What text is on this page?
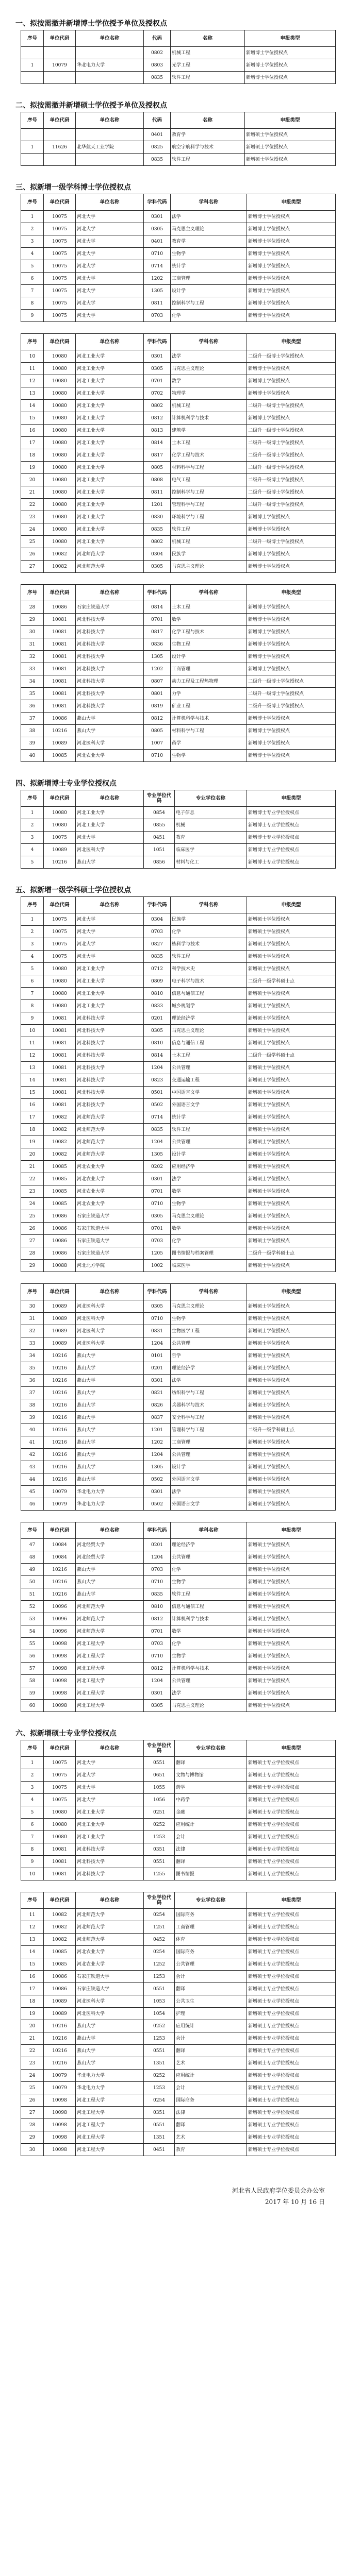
一、拟按需撤并新增博士学位授予单位及授权点
序号	单位代码	单位名称	代码	名称	申报类型
			0802	机械工程	新增博士学位授权点
1	10079	华北电力大学	0803	光学工程	新增博士学位授权点
			0835	软件工程	新增博士学位授权点
二、拟按需撤并新增硕士学位授予单位及授权点
序号	单位代码	单位名称	代码	名称	申报类型
			0401	教育学	新增硕士学位授权点
1	11626	北华航天工业学院	0825	航空宇航科学与技术	新增硕士学位授权点
			0835	软件工程	新增硕士学位授权点
三、拟新增一级学科博士学位授权点
序号	单位代码	单位名称	学科代码	学科名称	申报类型
1	10075	河北大学	0301	法学	新增博士学位授权点
2	10075	河北大学	0305	马克思主义理论	新增博士学位授权点
3	10075	河北大学	0401	教育学	新增博士学位授权点
4	10075	河北大学	0710	生物学	新增博士学位授权点
5	10075	河北大学	0714	统计学	新增博士学位授权点
6	10075	河北大学	1202	工商管理	新增博士学位授权点
7	10075	河北大学	1305	设计学	新增博士学位授权点
8	10075	河北大学	0811	控制科学与工程	新增博士学位授权点
9	10075	河北大学	0703	化学	新增博士学位授权点
序号	单位代码	单位名称	学科代码	学科名称	申报类型
10	10080	河北工业大学	0301	法学	二级升一级博士学位授权点
11	10080	河北工业大学	0305	马克思主义理论	新增博士学位授权点
12	10080	河北工业大学	0701	数学	新增博士学位授权点
13	10080	河北工业大学	0702	物理学	新增博士学位授权点
14	10080	河北工业大学	0802	机械工程	二级升一级博士学位授权点
15	10080	河北工业大学	0812	计算机科学与技术	新增博士学位授权点
16	10080	河北工业大学	0813	建筑学	二级升一级博士学位授权点
17	10080	河北工业大学	0814	土木工程	二级升一级博士学位授权点
18	10080	河北工业大学	0817	化学工程与技术	二级升一级博士学位授权点
19	10080	河北工业大学	0805	材料科学与工程	二级升一级博士学位授权点
20	10080	河北工业大学	0808	电气工程	二级升一级博士学位授权点
21	10080	河北工业大学	0811	控制科学与工程	二级升一级博士学位授权点
22	10080	河北工业大学	1201	管理科学与工程	二级升一级博士学位授权点
23	10080	河北工业大学	0830	环境科学与工程	新增博士学位授权点
24	10080	河北工业大学	0835	软件工程	新增博士学位授权点
25	10080	河北工业大学	0802	机械工程	二级升一级博士学位授权点
26	10082	河北师范大学	0304	民族学	新增博士学位授权点
27	10082	河北师范大学	0305	马克思主义理论	新增博士学位授权点
序号	单位代码	单位名称	学科代码	学科名称	申报类型
28	10086	石家庄铁道大学	0814	土木工程	新增博士学位授权点
29	10081	河北科技大学	0701	数学	新增博士学位授权点
30	10081	河北科技大学	0817	化学工程与技术	新增博士学位授权点
31	10081	河北科技大学	0836	生物工程	新增博士学位授权点
32	10081	河北科技大学	1305	设计学	新增博士学位授权点
33	10081	河北科技大学	1202	工商管理	新增博士学位授权点
34	10081	河北科技大学	0807	动力工程及工程热物理	二级升一级博士学位授权点
35	10081	河北科技大学	0801	力学	二级升一级博士学位授权点
36	10081	河北科技大学	0819	矿业工程	二级升一级博士学位授权点
37	10086	燕山大学	0812	计算机科学与技术	新增博士学位授权点
38	10216	燕山大学	0805	材料科学与工程	新增博士学位授权点
39	10089	河北医科大学	1007	药学	新增博士学位授权点
40	10085	河北农业大学	0710	生物学	新增博士学位授权点
四、拟新增博士专业学位授权点
序号	单位代码	单位名称	专业学位代码	专业学位名称	申报类型
1	10080	河北工业大学	0854	电子信息	新增博士专业学位授权点
2	10080	河北工业大学	0855	机械	新增博士专业学位授权点
3	10075	河北大学	0451	教育	新增博士专业学位授权点
4	10089	河北医科大学	1051	临床医学	新增博士专业学位授权点
5	10216	燕山大学	0856	材料与化工	新增博士专业学位授权点
五、拟新增一级学科硕士学位授权点
序号	单位代码	单位名称	学科代码	学科名称	申报类型
1	10075	河北大学	0304	民族学	新增硕士学位授权点
2	10075	河北大学	0703	化学	新增硕士学位授权点
3	10075	河北大学	0827	核科学与技术	新增硕士学位授权点
4	10075	河北大学	0835	软件工程	新增硕士学位授权点
5	10080	河北工业大学	0712	科学技术史	新增硕士学位授权点
6	10080	河北工业大学	0809	电子科学与技术	二级升一级学科硕士点
7	10080	河北工业大学	0810	信息与通信工程	新增硕士学位授权点
8	10080	河北工业大学	0833	城乡规划学	新增硕士学位授权点
9	10081	河北科技大学	0201	理论经济学	新增硕士学位授权点
10	10081	河北科技大学	0305	马克思主义理论	新增硕士学位授权点
11	10081	河北科技大学	0810	信息与通信工程	新增硕士学位授权点
12	10081	河北科技大学	0814	土木工程	二级升一级学科硕士点
13	10081	河北科技大学	1204	公共管理	新增硕士学位授权点
14	10081	河北科技大学	0823	交通运输工程	新增硕士学位授权点
15	10081	河北科技大学	0501	中国语言文学	新增硕士学位授权点
16	10081	河北科技大学	0502	外国语言文学	新增硕士学位授权点
17	10082	河北师范大学	0714	统计学	新增硕士学位授权点
18	10082	河北师范大学	0835	软件工程	新增硕士学位授权点
19	10082	河北师范大学	1204	公共管理	新增硕士学位授权点
20	10082	河北师范大学	1305	设计学	新增硕士学位授权点
21	10085	河北农业大学	0202	应用经济学	新增硕士学位授权点
22	10085	河北农业大学	0301	法学	新增硕士学位授权点
23	10085	河北农业大学	0701	数学	新增硕士学位授权点
24	10085	河北农业大学	0710	生物学	新增硕士学位授权点
25	10086	石家庄铁道大学	0305	马克思主义理论	新增硕士学位授权点
26	10086	石家庄铁道大学	0701	数学	新增硕士学位授权点
27	10086	石家庄铁道大学	0703	化学	新增硕士学位授权点
28	10086	石家庄铁道大学	1205	图书情报与档案管理	二级升一级学科硕士点
29	10088	河北北方学院	1002	临床医学	新增硕士学位授权点
序号	单位代码	单位名称	学科代码	学科名称	申报类型
30	10089	河北医科大学	0305	马克思主义理论	新增硕士学位授权点
31	10089	河北医科大学	0710	生物学	新增硕士学位授权点
32	10089	河北医科大学	0831	生物医学工程	新增硕士学位授权点
33	10089	河北医科大学	1204	公共管理	新增硕士学位授权点
34	10216	燕山大学	0101	哲学	新增硕士学位授权点
35	10216	燕山大学	0201	理论经济学	新增硕士学位授权点
36	10216	燕山大学	0301	法学	新增硕士学位授权点
37	10216	燕山大学	0821	纺织科学与工程	新增硕士学位授权点
38	10216	燕山大学	0826	兵器科学与技术	新增硕士学位授权点
39	10216	燕山大学	0837	安全科学与工程	新增硕士学位授权点
40	10216	燕山大学	1201	管理科学与工程	二级升一级学科硕士点
41	10216	燕山大学	1202	工商管理	新增硕士学位授权点
42	10216	燕山大学	1204	公共管理	新增硕士学位授权点
43	10216	燕山大学	1305	设计学	新增硕士学位授权点
44	10216	燕山大学	0502	外国语言文学	新增硕士学位授权点
45	10079	华北电力大学	0301	法学	新增硕士学位授权点
46	10079	华北电力大学	0502	外国语言文学	新增硕士学位授权点
序号	单位代码	单位名称	学科代码	学科名称	申报类型
47	10084	河北经贸大学	0201	理论经济学	新增硕士学位授权点
48	10084	河北经贸大学	1204	公共管理	新增硕士学位授权点
49	10216	燕山大学	0703	化学	新增硕士学位授权点
50	10216	燕山大学	0710	生物学	新增硕士学位授权点
51	10216	燕山大学	0835	软件工程	新增硕士学位授权点
52	10096	河北师范大学	0810	信息与通信工程	新增硕士学位授权点
53	10096	河北师范大学	0812	计算机科学与技术	新增硕士学位授权点
54	10096	河北师范大学	0701	数学	新增硕士学位授权点
55	10098	河北工程大学	0703	化学	新增硕士学位授权点
56	10098	河北工程大学	0710	生物学	新增硕士学位授权点
57	10098	河北工程大学	0812	计算机科学与技术	新增硕士学位授权点
58	10098	河北工程大学	1204	公共管理	新增硕士学位授权点
59	10098	河北工程大学	0301	法学	新增硕士学位授权点
60	10098	河北工程大学	0305	马克思主义理论	新增硕士学位授权点
六、拟新增硕士专业学位授权点
序号	单位代码	单位名称	专业学位代码	专业学位名称	申报类型
1	10075	河北大学	0551	翻译	新增硕士专业学位授权点
2	10075	河北大学	0651	文物与博物馆	新增硕士专业学位授权点
3	10075	河北大学	1055	药学	新增硕士专业学位授权点
4	10075	河北大学	1056	中药学	新增硕士专业学位授权点
5	10080	河北工业大学	0251	金融	新增硕士专业学位授权点
6	10080	河北工业大学	0252	应用统计	新增硕士专业学位授权点
7	10080	河北工业大学	1253	会计	新增硕士专业学位授权点
8	10081	河北科技大学	0351	法律	新增硕士专业学位授权点
9	10081	河北科技大学	0551	翻译	新增硕士专业学位授权点
10	10081	河北科技大学	1255	图书情报	新增硕士专业学位授权点
序号	单位代码	单位名称	专业学位代码	专业学位名称	申报类型
11	10082	河北师范大学	0254	国际商务	新增硕士专业学位授权点
12	10082	河北师范大学	1251	工商管理	新增硕士专业学位授权点
13	10082	河北师范大学	0452	体育	新增硕士专业学位授权点
14	10085	河北农业大学	0254	国际商务	新增硕士专业学位授权点
15	10085	河北农业大学	1252	公共管理	新增硕士专业学位授权点
16	10086	石家庄铁道大学	1253	会计	新增硕士专业学位授权点
17	10086	石家庄铁道大学	0551	翻译	新增硕士专业学位授权点
18	10089	河北医科大学	1053	公共卫生	新增硕士专业学位授权点
19	10089	河北医科大学	1054	护理	新增硕士专业学位授权点
20	10216	燕山大学	0252	应用统计	新增硕士专业学位授权点
21	10216	燕山大学	1253	会计	新增硕士专业学位授权点
22	10216	燕山大学	0551	翻译	新增硕士专业学位授权点
23	10216	燕山大学	1351	艺术	新增硕士专业学位授权点
24	10079	华北电力大学	0252	应用统计	新增硕士专业学位授权点
25	10079	华北电力大学	1253	会计	新增硕士专业学位授权点
26	10098	河北工程大学	0254	国际商务	新增硕士专业学位授权点
27	10098	河北工程大学	0351	法律	新增硕士专业学位授权点
28	10098	河北工程大学	0551	翻译	新增硕士专业学位授权点
29	10098	河北工程大学	1351	艺术	新增硕士专业学位授权点
30	10098	河北工程大学	0451	教育	新增硕士专业学位授权点
河北省人民政府学位委员会办公室
2017 年 10 月 16 日
